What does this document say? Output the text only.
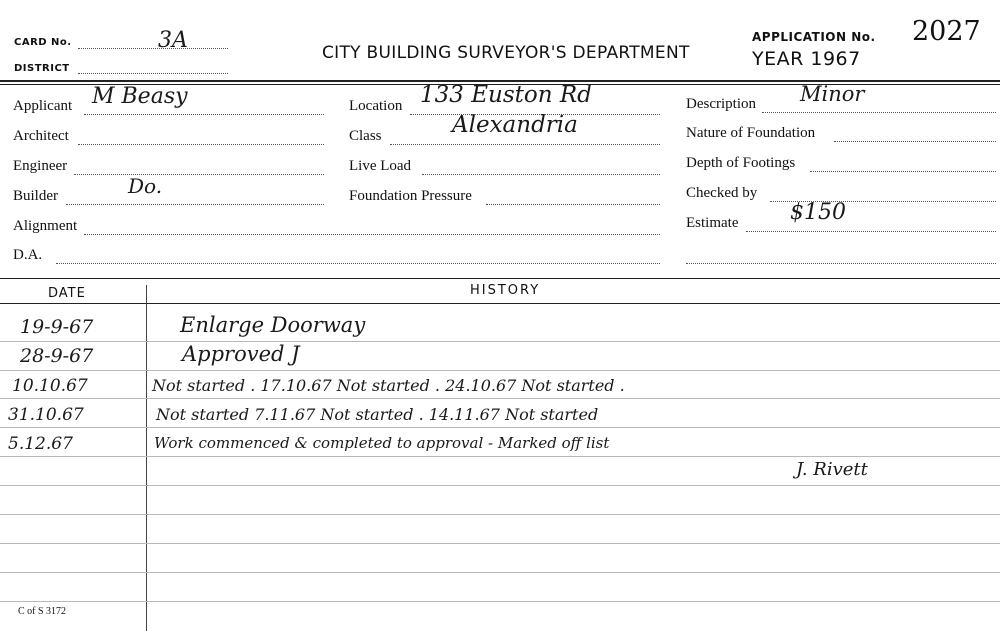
CARD No.	3A
DISTRICT
CITY BUILDING SURVEYOR'S DEPARTMENT
APPLICATION No. 2027
YEAR 1967
Applicant M Beasy
Architect
Engineer
Builder	Do.
Alignment
D.A.
Location 133 Euston Rd
Class	Alexandria
Live Load
Foundation Pressure
Description Minor
Nature of Foundation
Depth of Footings
Checked by
Estimate $150
DATE	HISTORY
19-9-67	Enlarge Doorway
28-9-67	Approved J
10.10.67	Not started . 17.10.67 Not started . 24.10.67 Not started .
31.10.67	Not started 7.11.67 Not started . 14.11.67 Not started
5.12.67	Work commenced & completed to approval - Marked off list
J. Rivett
C of S 3172
